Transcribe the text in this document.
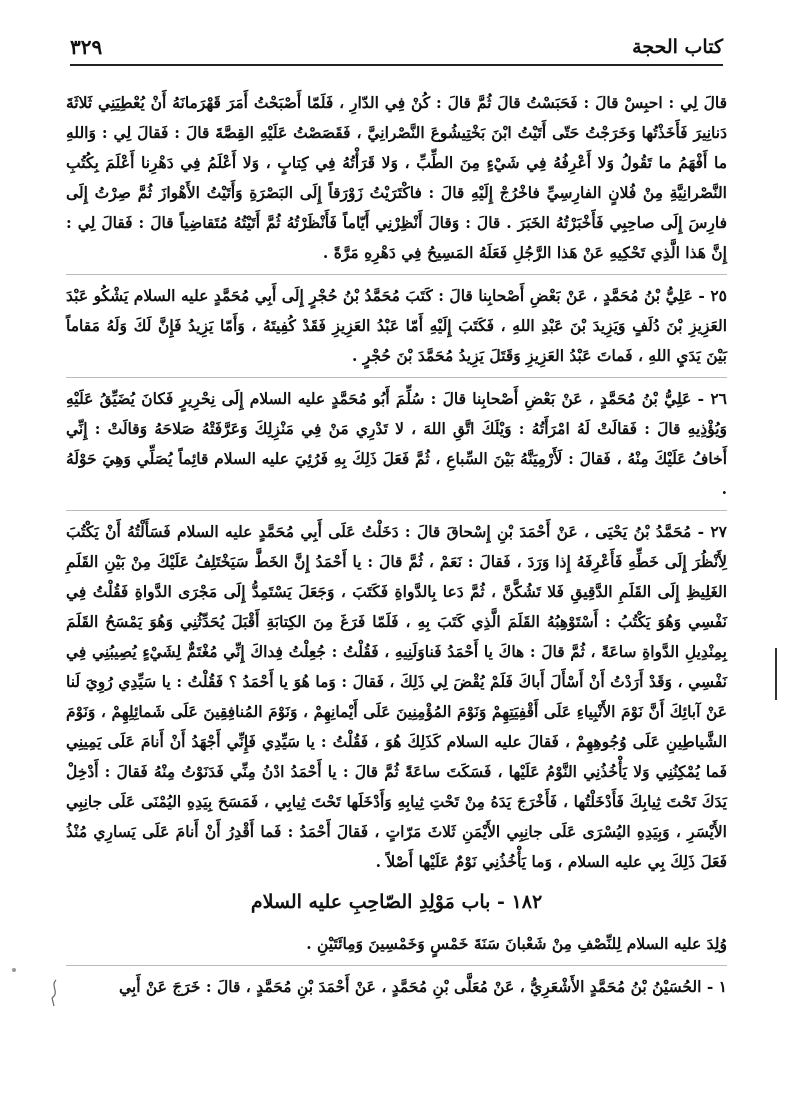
٣٢٩	كتاب الحجة

قالَ لِي : احبِسْ قالَ : فَحَبَسْتُ قالَ ثُمَّ قالَ : كُنْ فِي الدّارِ ، فَلَمّا أَصْبَحْتُ أَمَرَ قَهْرَمانَهُ أَنْ يُعْطِيَنِي ثَلاثَةَ دَنانِيرَ فَأَخَذْتُها وَخَرَجْتُ حَتّى أَتَيْتُ ابْنَ بَخْتِيشُوعَ النَّصْرانِيَّ ، فَقَصَصْتُ عَلَيْهِ القِصَّةَ قالَ : فَقالَ لِي : وَاللهِ ما أَفْهَمُ ما تَقُولُ وَلا أَعْرِفُهُ فِي شَيْءٍ مِنَ الطِّبِّ ، وَلا قَرَأْتُهُ فِي كِتابٍ ، وَلا أَعْلَمُ فِي دَهْرِنا أَعْلَمَ بِكُتُبِ النَّصْرانِيَّةِ مِنْ فُلانٍ الفارِسِيِّ فاخْرُجْ إِلَيْهِ قالَ : فاكْتَرَيْتُ زَوْرَقاً إِلَى البَصْرَةِ وَأَتَيْتُ الأَهْوازَ ثُمَّ صِرْتُ إِلَى فارِسَ إِلَى صاحِبِي فَأَخْبَرْتُهُ الخَبَرَ . قالَ : وَقالَ أَنْظِرْنِي أَيّاماً فَأَنْظَرْتُهُ ثُمَّ أَتَيْتُهُ مُتَقاضِياً قالَ : فَقالَ لِي : إِنَّ هَذا الَّذِي تَحْكِيهِ عَنْ هَذا الرَّجُلِ فَعَلَهُ المَسِيحُ فِي دَهْرِهِ مَرَّةً .

٢٥ - عَلِيُّ بْنُ مُحَمَّدٍ ، عَنْ بَعْضِ أَصْحابِنا قالَ : كَتَبَ مُحَمَّدُ بْنُ حُجْرٍ إِلَى أَبِي مُحَمَّدٍ عليه السلام يَشْكُو عَبْدَ العَزِيزِ بْنَ دُلَفٍ وَيَزِيدَ بْنَ عَبْدِ اللهِ ، فَكَتَبَ إِلَيْهِ أَمّا عَبْدُ العَزِيزِ فَقَدْ كُفِيتَهُ ، وَأَمّا يَزِيدُ فَإِنَّ لَكَ وَلَهُ مَقاماً بَيْنَ يَدَيِ اللهِ ، فَماتَ عَبْدُ العَزِيزِ وَقَتَلَ يَزِيدُ مُحَمَّدَ بْنَ حُجْرٍ .

٢٦ - عَلِيُّ بْنُ مُحَمَّدٍ ، عَنْ بَعْضِ أَصْحابِنا قالَ : سُلِّمَ أَبُو مُحَمَّدٍ عليه السلام إِلَى نِحْرِيرٍ فَكانَ يُضَيِّقُ عَلَيْهِ وَيُؤْذِيهِ قالَ : فَقالَتْ لَهُ امْرَأَتُهُ : وَيْلَكَ اتَّقِ اللهَ ، لا تَدْرِي مَنْ فِي مَنْزِلِكَ وَعَرَّفَتْهُ صَلاحَهُ وَقالَتْ : إِنِّي أَخافُ عَلَيْكَ مِنْهُ ، فَقالَ : لَأَرْمِيَنَّهُ بَيْنَ السِّباعِ ، ثُمَّ فَعَلَ ذَلِكَ بِهِ فَرُئِيَ عليه السلام قائِماً يُصَلِّي وَهِيَ حَوْلَهُ .

٢٧ - مُحَمَّدُ بْنُ يَحْيَى ، عَنْ أَحْمَدَ بْنِ إِسْحاقَ قالَ : دَخَلْتُ عَلَى أَبِي مُحَمَّدٍ عليه السلام فَسَأَلْتُهُ أَنْ يَكْتُبَ لِأَنْظُرَ إِلَى خَطِّهِ فَأَعْرِفَهُ إِذا وَرَدَ ، فَقالَ : نَعَمْ ، ثُمَّ قالَ : يا أَحْمَدُ إِنَّ الخَطَّ سَيَخْتَلِفُ عَلَيْكَ مِنْ بَيْنِ القَلَمِ الغَلِيظِ إِلَى القَلَمِ الدَّقِيقِ فَلا تَشُكَّنَّ ، ثُمَّ دَعا بِالدَّواةِ فَكَتَبَ ، وَجَعَلَ يَسْتَمِدُّ إِلَى مَجْرَى الدَّواةِ فَقُلْتُ فِي نَفْسِي وَهُوَ يَكْتُبُ : أَسْتَوْهِبُهُ القَلَمَ الَّذِي كَتَبَ بِهِ ، فَلَمّا فَرَغَ مِنَ الكِتابَةِ أَقْبَلَ يُحَدِّثُنِي وَهُوَ يَمْسَحُ القَلَمَ بِمِنْدِيلِ الدَّواةِ ساعَةً ، ثُمَّ قالَ : هاكَ يا أَحْمَدُ فَناوَلَنِيهِ ، فَقُلْتُ : جُعِلْتُ فِداكَ إِنِّي مُغْتَمٌّ لِشَيْءٍ يُصِيبُنِي فِي نَفْسِي ، وَقَدْ أَرَدْتُ أَنْ أَسْأَلَ أَباكَ فَلَمْ يُقْضَ لِي ذَلِكَ ، فَقالَ : وَما هُوَ يا أَحْمَدُ ؟ فَقُلْتُ : يا سَيِّدِي رُوِيَ لَنا عَنْ آبائِكَ أَنَّ نَوْمَ الأَنْبِياءِ عَلَى أَقْفِيَتِهِمْ وَنَوْمَ المُؤْمِنِينَ عَلَى أَيْمانِهِمْ ، وَنَوْمَ المُنافِقِينَ عَلَى شَمائِلِهِمْ ، وَنَوْمَ الشَّياطِينِ عَلَى وُجُوهِهِمْ ، فَقالَ عليه السلام كَذَلِكَ هُوَ ، فَقُلْتُ : يا سَيِّدِي فَإِنِّي أَجْهَدُ أَنْ أَنامَ عَلَى يَمِينِي فَما يُمْكِنُنِي وَلا يَأْخُذُنِي النَّوْمُ عَلَيْها ، فَسَكَتَ ساعَةً ثُمَّ قالَ : يا أَحْمَدُ ادْنُ مِنِّي فَدَنَوْتُ مِنْهُ فَقالَ : أَدْخِلْ يَدَكَ تَحْتَ ثِيابِكَ فَأَدْخَلْتُها ، فَأَخْرَجَ يَدَهُ مِنْ تَحْتِ ثِيابِهِ وَأَدْخَلَها تَحْتَ ثِيابِي ، فَمَسَحَ بِيَدِهِ اليُمْنَى عَلَى جانِبِي الأَيْسَرِ ، وَبِيَدِهِ اليُسْرَى عَلَى جانِبِي الأَيْمَنِ ثَلاثَ مَرّاتٍ ، فَقالَ أَحْمَدُ : فَما أَقْدِرُ أَنْ أَنامَ عَلَى يَسارِي مُنْذُ فَعَلَ ذَلِكَ بِي عليه السلام ، وَما يَأْخُذُنِي نَوْمٌ عَلَيْها أَصْلاً .

١٨٢ - باب مَوْلِدِ الصّاحِبِ عليه السلام

وُلِدَ عليه السلام لِلنِّصْفِ مِنْ شَعْبانَ سَنَةَ خَمْسٍ وَخَمْسِينَ وَمِائَتَيْنِ .

١ - الحُسَيْنُ بْنُ مُحَمَّدٍ الأَشْعَرِيُّ ، عَنْ مُعَلَّى بْنِ مُحَمَّدٍ ، عَنْ أَحْمَدَ بْنِ مُحَمَّدٍ ، قالَ : خَرَجَ عَنْ أَبِي
